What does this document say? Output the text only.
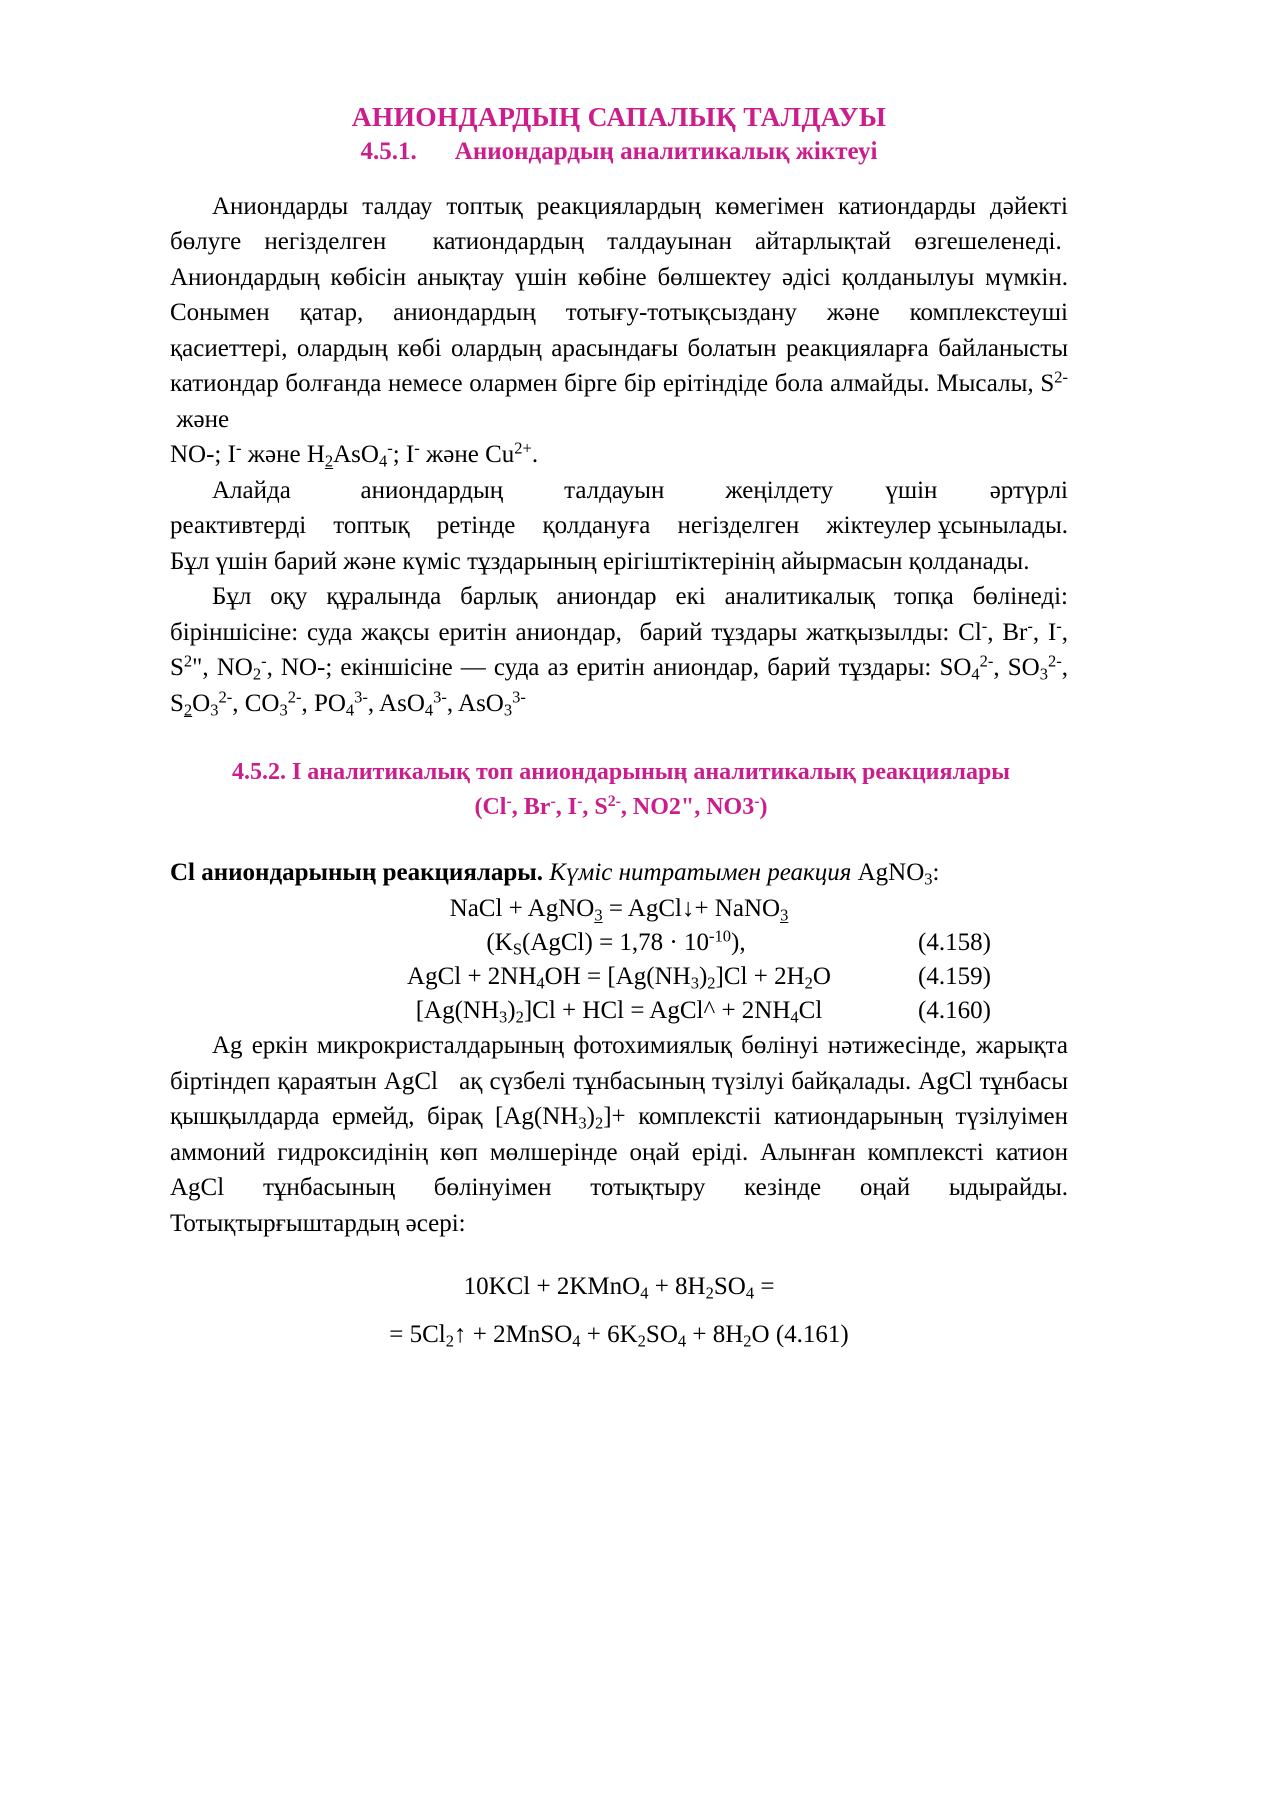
АНИОНДАРДЫҢ САПАЛЫҚ ТАЛДАУЫ
4.5.1. Аниондардың аналитикалық жіктеуі

Аниондарды талдау топтық реакциялардың көмегімен катиондарды дәйекті бөлуге негізделген  катиондардың талдауынан айтарлықтай өзгешеленеді.  Аниондардың көбісін анықтау үшін көбіне бөлшектеу әдісі қолданылуы мүмкін. Сонымен қатар, аниондардың тотығу-тотықсыздану және комплекстеуші қасиеттері, олардың көбі олардың арасындағы болатын реакцияларға байланысты катиондар болғанда немесе олармен бірге бір ерітіндіде бола алмайды. Мысалы, $S^{2-}$ және

NO-; I- және $H_2AsO_4^-$; I- және $Cu^{2+}$.

Алайда        аниондардың       талдауын       жеңілдету      үшін      әртүрлі реактивтерді    топтық    ретінде    қолдануға    негізделген    жіктеулер ұсынылады. Бұл үшін барий және күміс тұздарының ерігіштіктерінің айырмасын қолданады.

Бұл оқу құралында барлық аниондар екі аналитикалық топқа бөлінеді: біріншісіне: суда жақсы еритін аниондар,  барий тұздары жатқызылды: Cl-, Br-, I-, $S^2$", $NO_2^-$, NO-; екіншісіне — суда аз еритін аниондар, барий тұздары: $SO_4^{2-}$, $SO_3^{2-}$, $S_2O_3^{2-}$, $CO_3^{2-}$, $PO_4^{3-}$, AsO$_4^{3-}$, AsO$_3^{3-}$

4.5.2. І аналитикалық топ аниондарының аналитикалық реакциялары (Cl-, Br-, I-, $S^{2-}$, NO2", NO3-)

Cl аниондарының реакциялары. Күміс нитратымен реакция AgNO$_3$:

NaCl + AgNO$_3$ = AgCl↓+ NaNO$_3$
$(K_S(AgCl) = 1,78 \cdot 10^{-10})$,	(4.158)
AgCl + $2NH_4OH = [Ag(NH_3)_2]Cl + 2H_2O$	(4.159)
$[Ag(NH_3)_2]Cl$ + HCl = AgCl^ + $2NH_4Cl$	(4.160)

Ag еркін микрокристалдарының фотохимиялық бөлінуі нәтижесінде, жарықта біртіндеп қараятын AgCl   ақ сүзбелі тұнбасының түзілуі байқалады. AgCl тұнбасы қышқылдарда ермейд, бірақ $[Ag(NH_3)_2]+$ комплекстіі катиондарының түзілуімен аммоний гидроксидінің көп мөлшерінде оңай еріді. Алынған комплексті катион AgCl тұнбасының бөлінуімен тотықтыру кезінде оңай ыдырайды. Тотықтырғыштардың әсері:

10KCl + 2KMnO$_4$ + $8H_2SO_4$ =
= $5Cl_2↑$ + 2MnSO$_4$ + $6K_2SO_4 + 8H_2O$ (4.161)
